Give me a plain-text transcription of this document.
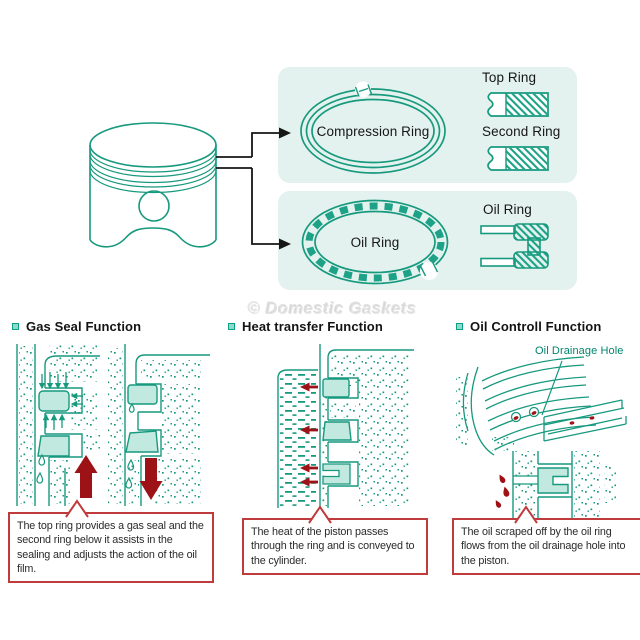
Compression Ring
Top Ring
Second Ring
Oil Ring
Oil Ring
© Domestic Gaskets
Gas Seal Function	Heat transfer Function	Oil Controll Function
Oil Drainage Hole
The top ring provides a gas seal and the second ring below it assists in the sealing and adjusts the action of the oil film.
The heat of the piston passes through the ring and is conveyed to the cylinder.
The oil scraped off by the oil ring flows from the oil drainage hole into the piston.
